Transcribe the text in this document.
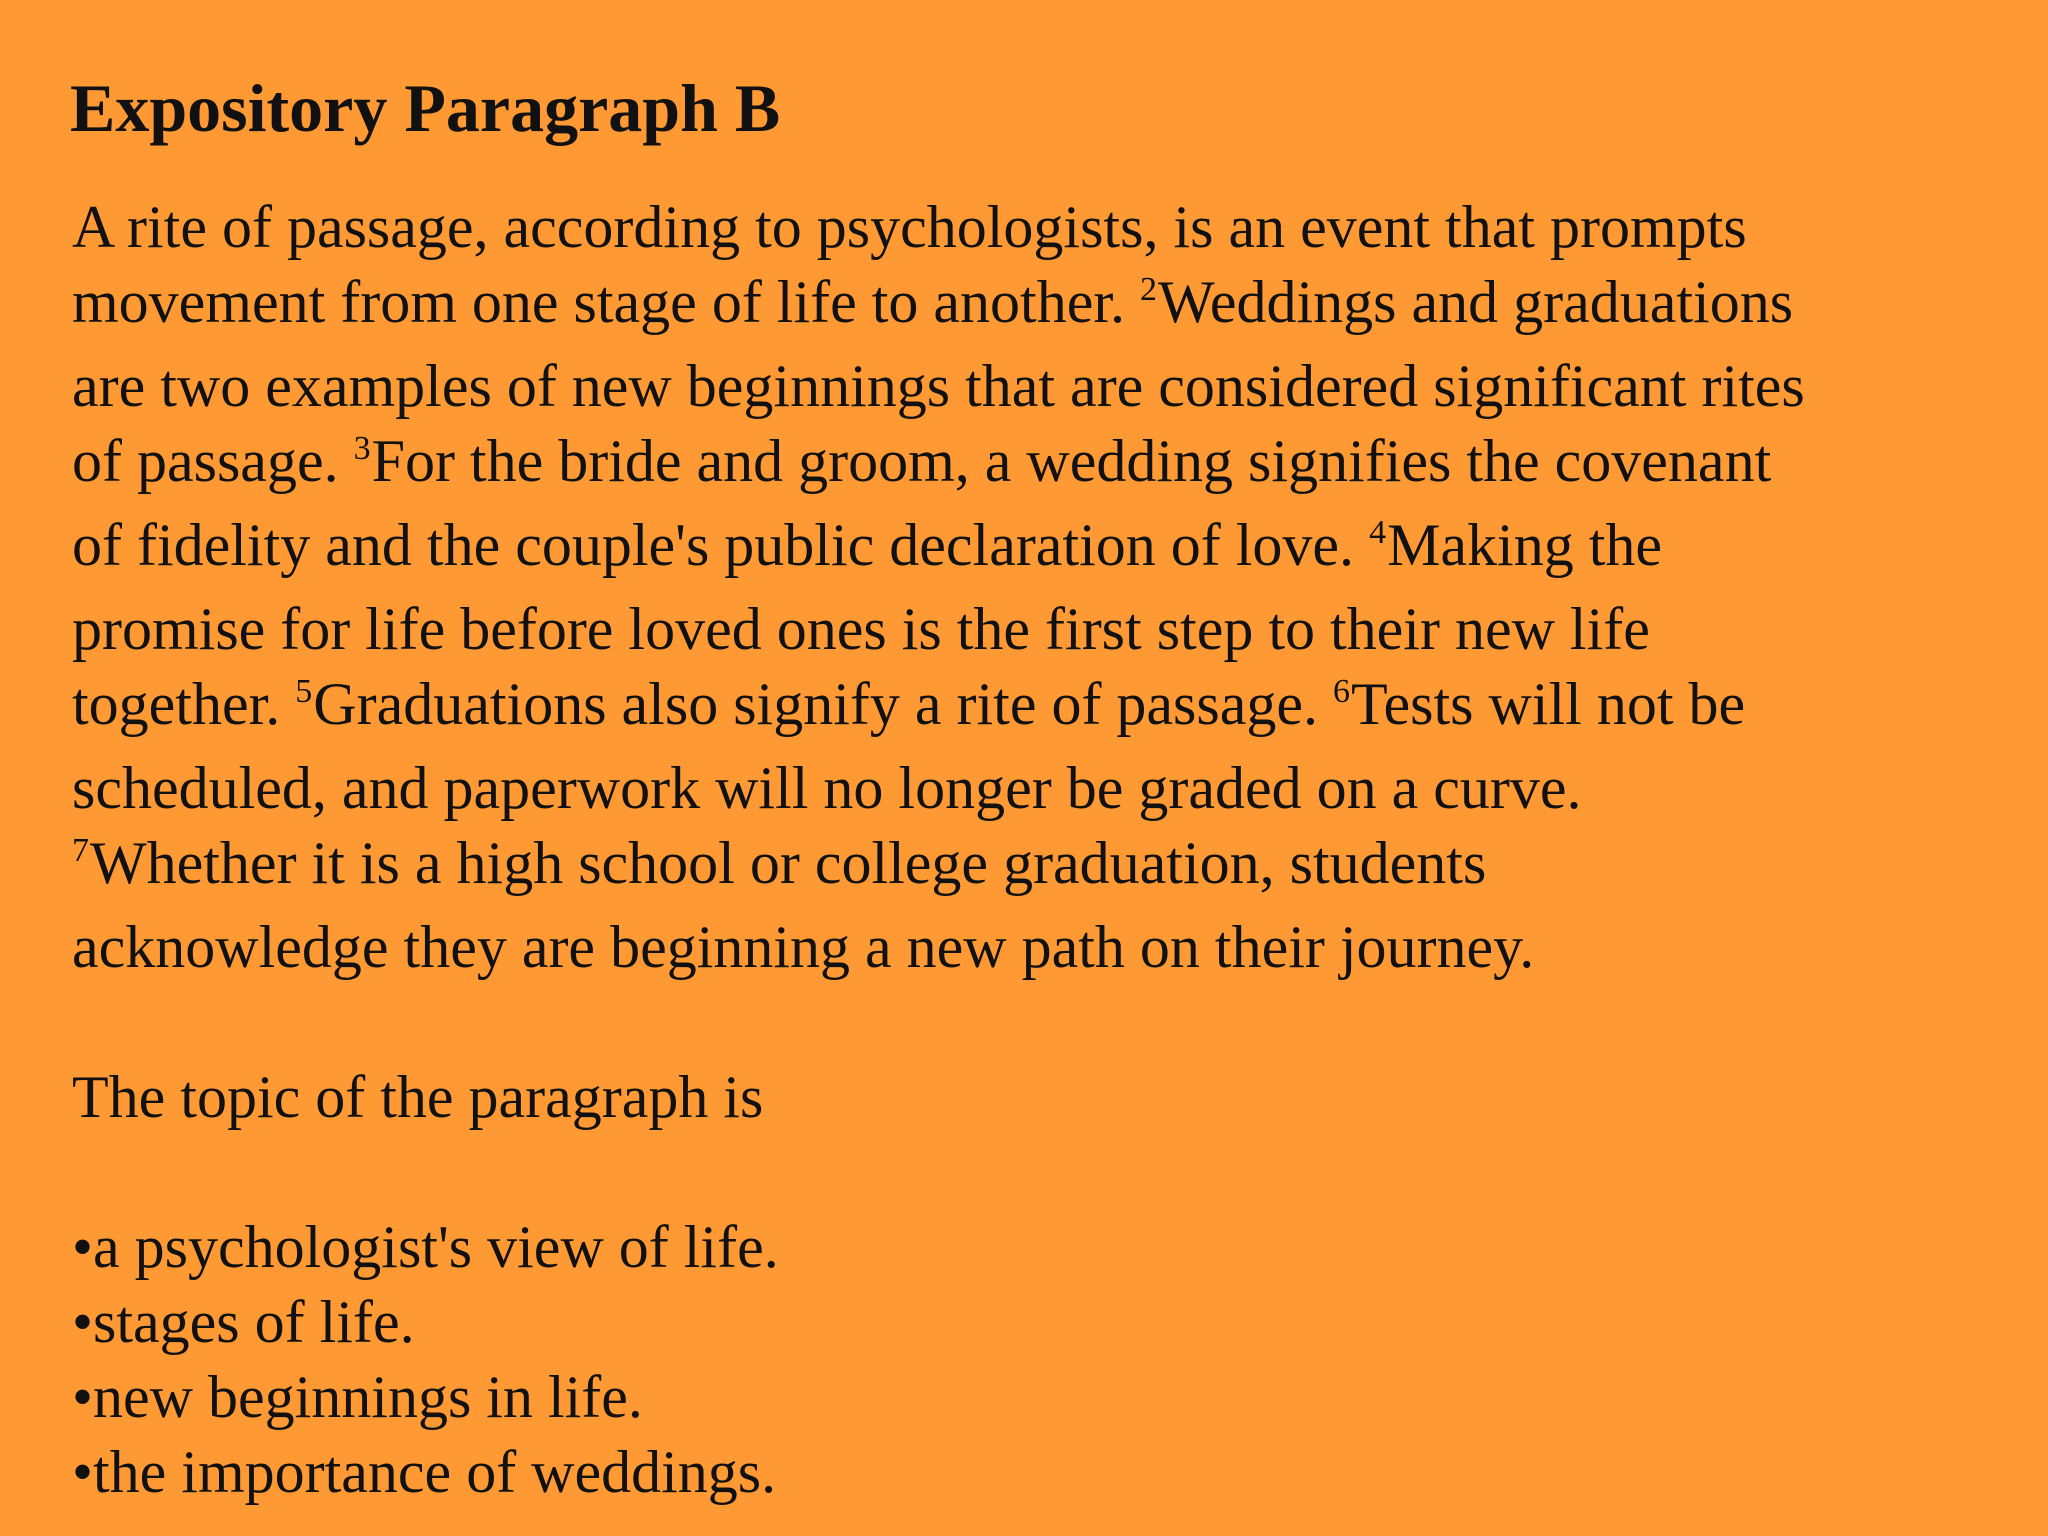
Expository Paragraph B
A rite of passage, according to psychologists, is an event that prompts
movement from one stage of life to another. $^2$Weddings and graduations
are two examples of new beginnings that are considered significant rites
of passage. $^3$For the bride and groom, a wedding signifies the covenant
of fidelity and the couple's public declaration of love. $^4$Making the
promise for life before loved ones is the first step to their new life
together. $^5$Graduations also signify a rite of passage. $^6$Tests will not be
scheduled, and paperwork will no longer be graded on a curve.
$^7$Whether it is a high school or college graduation, students
acknowledge they are beginning a new path on their journey.
The topic of the paragraph is
•a psychologist's view of life.
•stages of life.
•new beginnings in life.
•the importance of weddings.
